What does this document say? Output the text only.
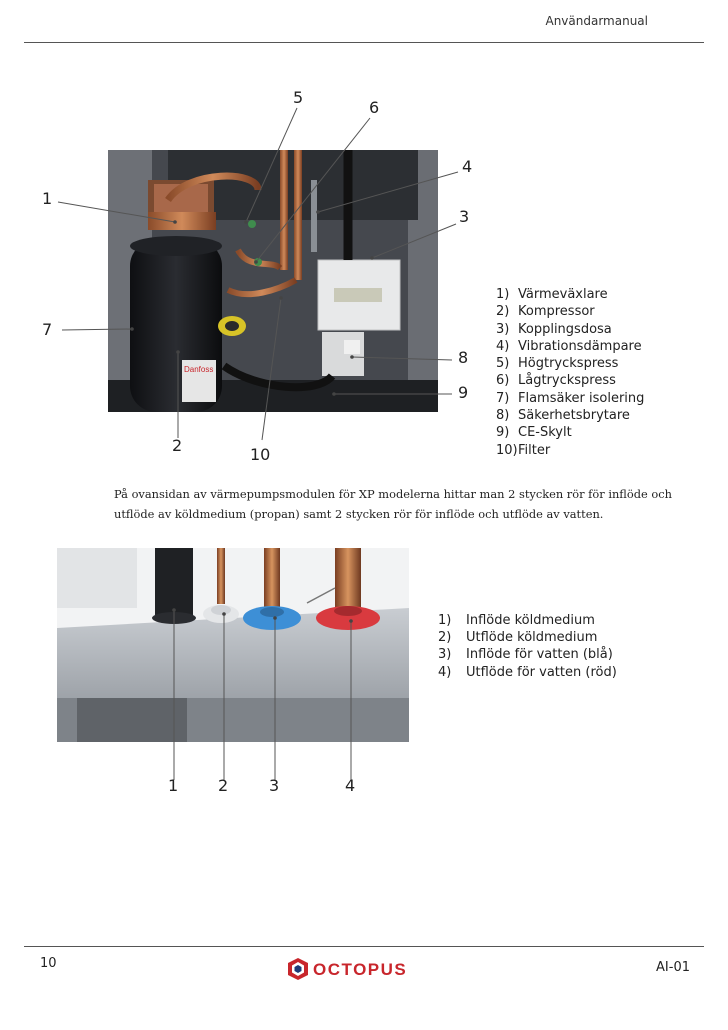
Användarmanual
Danfoss
1
2
3
4
5
6
7
8
9
10
1) Värmeväxlare
2) Kompressor
3) Kopplingsdosa
4) Vibrationsdämpare
5) Högtryckspress
6) Lågtryckspress
7) Flamsäker isolering
8) Säkerhetsbrytare
9) CE-Skylt
10) Filter
På ovansidan av värmepumpsmodulen för XP modelerna hittar man 2 stycken rör för inflöde och utflöde av köldmedium (propan) samt 2 stycken rör för inflöde och utflöde av vatten.
1 2	3	4
1)	Inflöde köldmedium
2)	Utflöde köldmedium
3)	Inflöde för vatten (blå)
4)	Utflöde för vatten (röd)
10	OCTOPUS	AI-01
